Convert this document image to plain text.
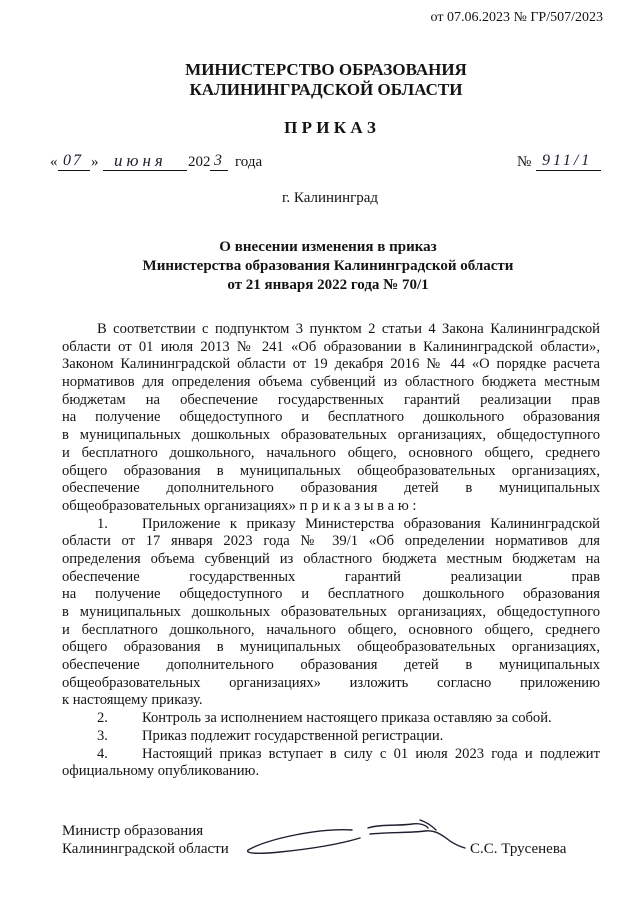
от 07.06.2023 № ГР/507/2023
МИНИСТЕРСТВО ОБРАЗОВАНИЯ
КАЛИНИНГРАДСКОЙ ОБЛАСТИ
П Р И К А З
« 07 » июня 202 3 года	№ 911/1
г. Калининград
О внесении изменения в приказ
Министерства образования Калининградской области
от 21 января 2022 года № 70/1
В соответствии с подпунктом 3 пунктом 2 статьи 4 Закона Калининградской
области от 01 июля 2013 № 241 «Об образовании в Калининградской области»,
Законом Калининградской области от 19 декабря 2016 № 44 «О порядке расчета
нормативов для определения объема субвенций из областного бюджета местным
бюджетам на обеспечение государственных гарантий реализации прав
на получение общедоступного и бесплатного дошкольного образования
в муниципальных дошкольных образовательных организациях, общедоступного
и бесплатного дошкольного, начального общего, основного общего, среднего
общего образования в муниципальных общеобразовательных организациях,
обеспечение дополнительного образования детей в муниципальных
общеобразовательных организациях» п р и к а з ы в а ю :
1.	Приложение к приказу Министерства образования Калининградской
области от 17 января 2023 года № 39/1 «Об определении нормативов для
определения объема субвенций из областного бюджета местным бюджетам на
обеспечение государственных гарантий реализации прав
на получение общедоступного и бесплатного дошкольного образования
в муниципальных дошкольных образовательных организациях, общедоступного
и бесплатного дошкольного, начального общего, основного общего, среднего
общего образования в муниципальных общеобразовательных организациях,
обеспечение дополнительного образования детей в муниципальных
общеобразовательных организациях» изложить согласно приложению
к настоящему приказу.
2.	Контроль за исполнением настоящего приказа оставляю за собой.
3.	Приказ подлежит государственной регистрации.
4.	Настоящий приказ вступает в силу с 01 июля 2023 года и подлежит
официальному опубликованию.
Министр образования
Калининградской области	С.С. Трусенева
